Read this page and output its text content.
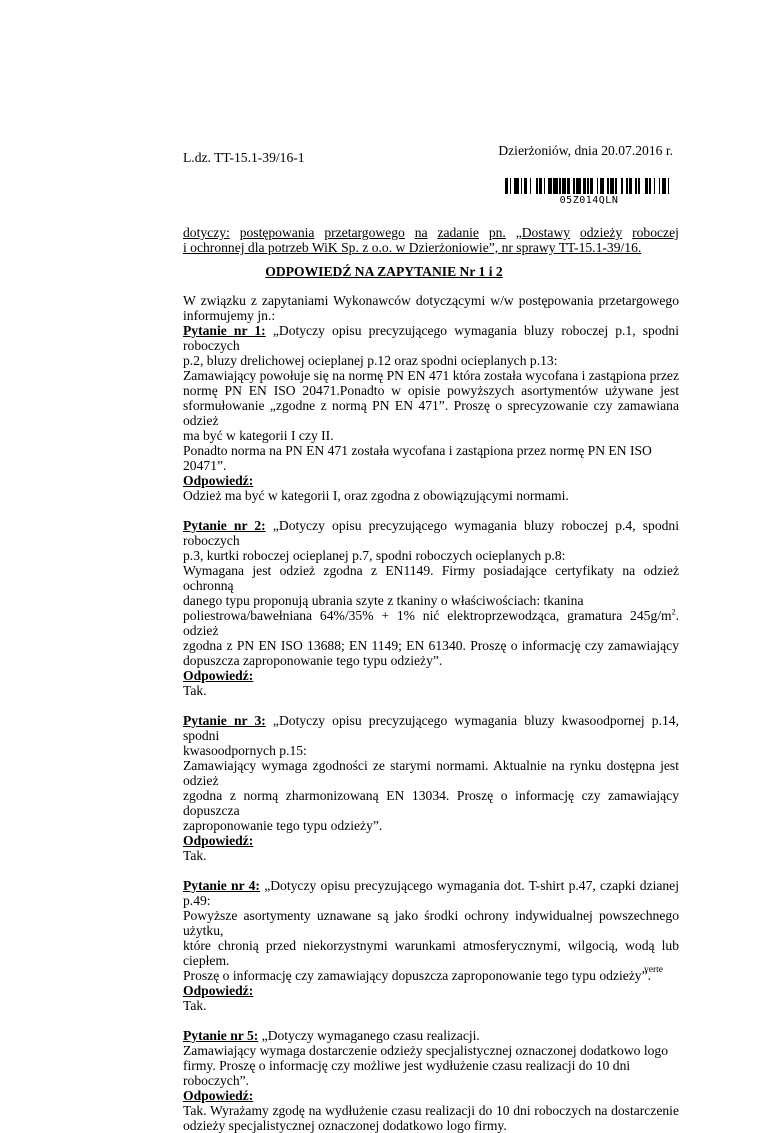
Dzierżoniów, dnia 20.07.2016 r.
L.dz. TT-15.1-39/16-1
05Z014QLN
dotyczy: postępowania przetargowego na zadanie pn. „Dostawy odzieży roboczej
i ochronnej dla potrzeb WiK Sp. z o.o. w Dzierżoniowie”, nr sprawy TT-15.1-39/16.
ODPOWIEDŹ NA ZAPYTANIE Nr 1 i 2

W związku z zapytaniami Wykonawców dotyczącymi w/w postępowania przetargowego

informujemy jn.:

Pytanie nr 1: „Dotyczy opisu precyzującego wymagania bluzy roboczej p.1, spodni roboczych

p.2, bluzy drelichowej ocieplanej p.12 oraz spodni ocieplanych p.13:

Zamawiający powołuje się na normę PN EN 471 która została wycofana i zastąpiona przez

normę PN EN ISO 20471.Ponadto w opisie powyższych asortymentów używane jest

sformułowanie „zgodne z normą PN EN 471”. Proszę o sprecyzowanie czy zamawiana odzież

ma być w kategorii I czy II.

Ponadto norma na PN EN 471 została wycofana i zastąpiona przez normę PN EN ISO 20471”.

Odpowiedź:

Odzież ma być w kategorii I, oraz zgodna z obowiązującymi normami.

Pytanie nr 2: „Dotyczy opisu precyzującego wymagania bluzy roboczej p.4, spodni roboczych

p.3, kurtki roboczej ocieplanej p.7, spodni roboczych ocieplanych p.8:

Wymagana jest odzież zgodna z EN1149. Firmy posiadające certyfikaty na odzież ochronną

danego typu proponują ubrania szyte z tkaniny o właściwościach: tkanina

poliestrowa/bawełniana 64%/35% + 1% nić elektroprzewodząca, gramatura $245g/m^2$. odzież

zgodna z PN EN ISO 13688; EN 1149; EN 61340. Proszę o informację czy zamawiający

dopuszcza zaproponowanie tego typu odzieży”.

Odpowiedź:

Tak.

Pytanie nr 3: „Dotyczy opisu precyzującego wymagania bluzy kwasoodpornej p.14, spodni

kwasoodpornych p.15:

Zamawiający wymaga zgodności ze starymi normami. Aktualnie na rynku dostępna jest odzież

zgodna z normą zharmonizowaną EN 13034. Proszę o informację czy zamawiający dopuszcza

zaproponowanie tego typu odzieży”.

Odpowiedź:

Tak.

Pytanie nr 4: „Dotyczy opisu precyzującego wymagania dot. T-shirt p.47, czapki dzianej p.49:

Powyższe asortymenty uznawane są jako środki ochrony indywidualnej powszechnego użytku,

które chronią przed niekorzystnymi warunkami atmosferycznymi, wilgocią, wodą lub ciepłem.

Proszę o informację czy zamawiający dopuszcza zaproponowanie tego typu odzieży”.

Odpowiedź:

Tak.

Pytanie nr 5: „Dotyczy wymaganego czasu realizacji.

Zamawiający wymaga dostarczenie odzieży specjalistycznej oznaczonej dodatkowo logo

firmy. Proszę o informację czy możliwe jest wydłużenie czasu realizacji do 10 dni roboczych”.

Odpowiedź:

Tak. Wyrażamy zgodę na wydłużenie czasu realizacji do 10 dni roboczych na dostarczenie

odzieży specjalistycznej oznaczonej dodatkowo logo firmy.

verte
